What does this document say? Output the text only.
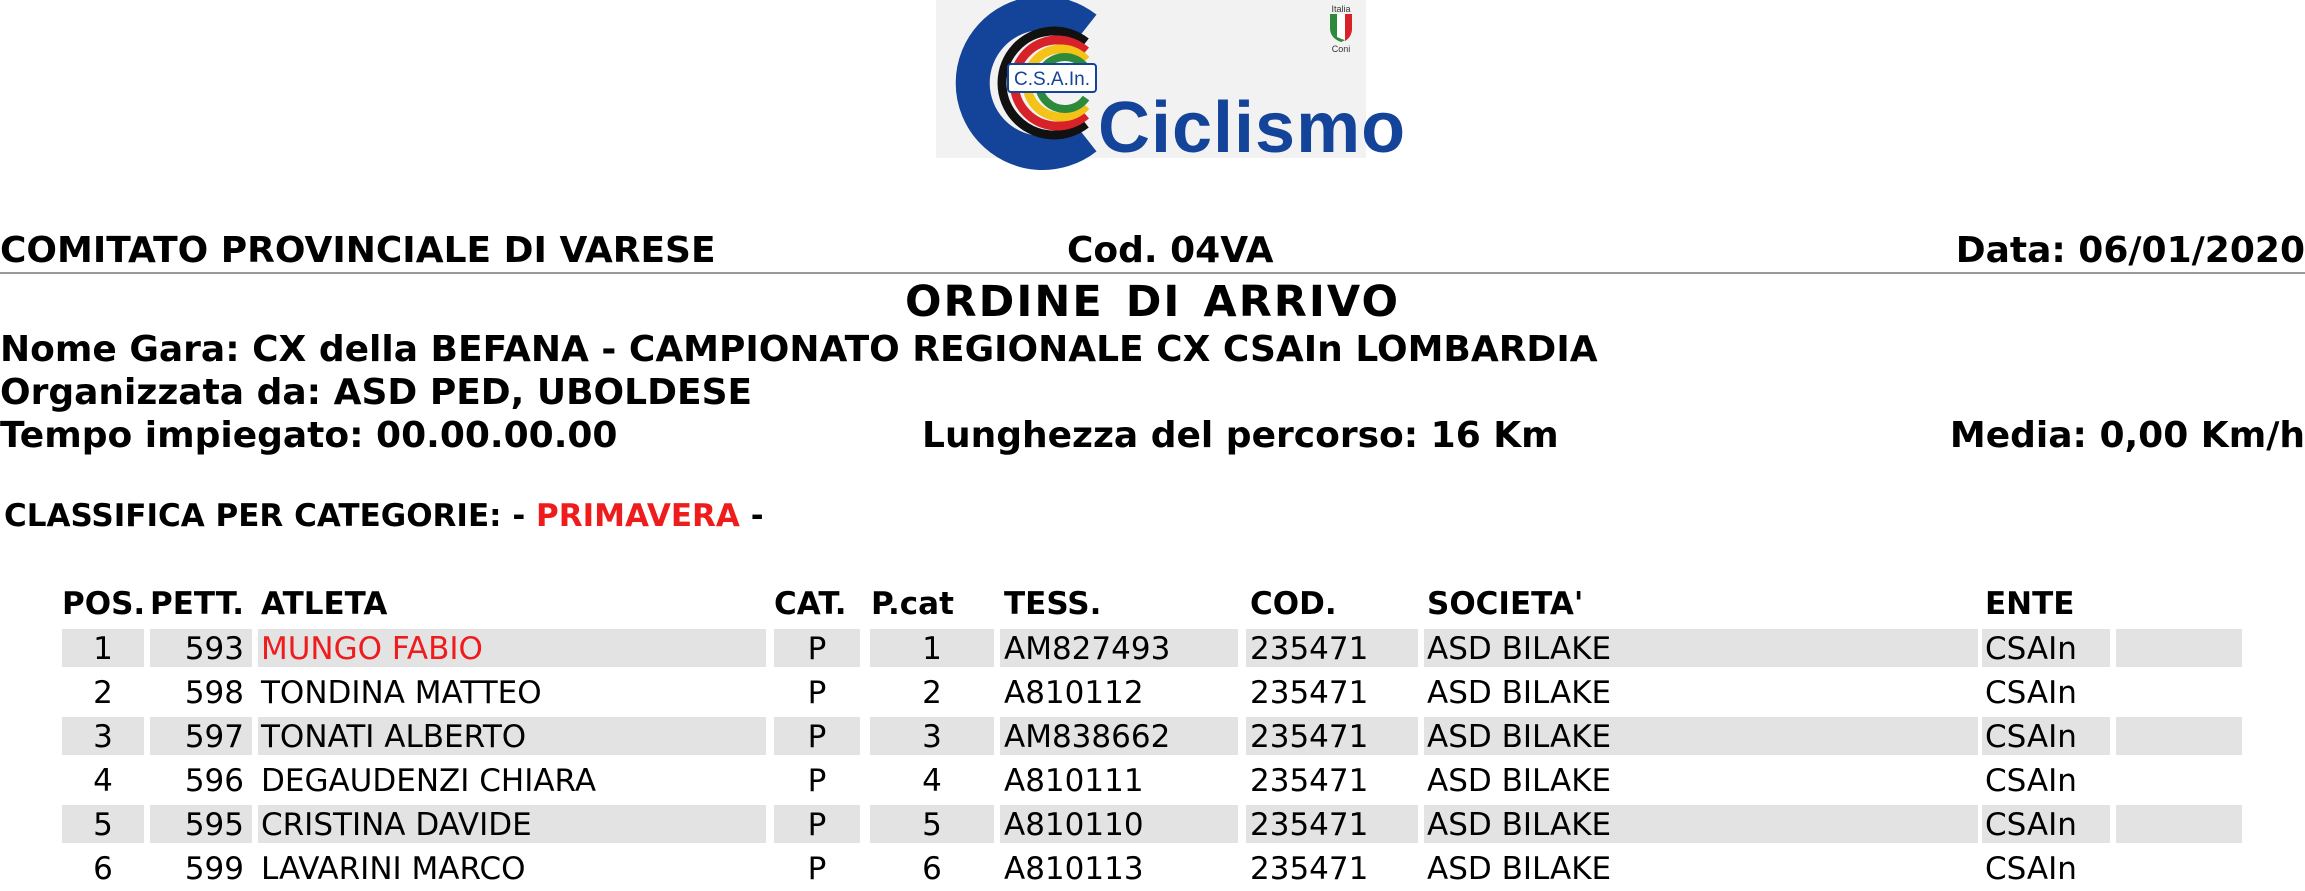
C.S.A.In.
Ciclismo
Italia
Coni
COMITATO PROVINCIALE DI VARESE	Cod. 04VA	Data: 06/01/2020
ORDINE DI ARRIVO
Nome Gara: CX della BEFANA - CAMPIONATO REGIONALE CX CSAIn LOMBARDIA
Organizzata da: ASD PED, UBOLDESE
Tempo impiegato: 00.00.00.00	Lunghezza del percorso: 16 Km	Media: 0,00 Km/h
CLASSIFICA PER CATEGORIE: - PRIMAVERA -
POS. PETT. ATLETA	CAT. P.cat TESS.	COD.	SOCIETA'	ENTE
1	593 MUNGO FABIO	P	1	AM827493	235471	ASD BILAKE	CSAIn
2	598 TONDINA MATTEO	P	2	A810112	235471	ASD BILAKE	CSAIn
3	597 TONATI ALBERTO	P	3	AM838662	235471	ASD BILAKE	CSAIn
4	596 DEGAUDENZI CHIARA	P	4	A810111	235471	ASD BILAKE	CSAIn
5	595 CRISTINA DAVIDE	P	5	A810110	235471	ASD BILAKE	CSAIn
6	599 LAVARINI MARCO	P	6	A810113	235471	ASD BILAKE	CSAIn
